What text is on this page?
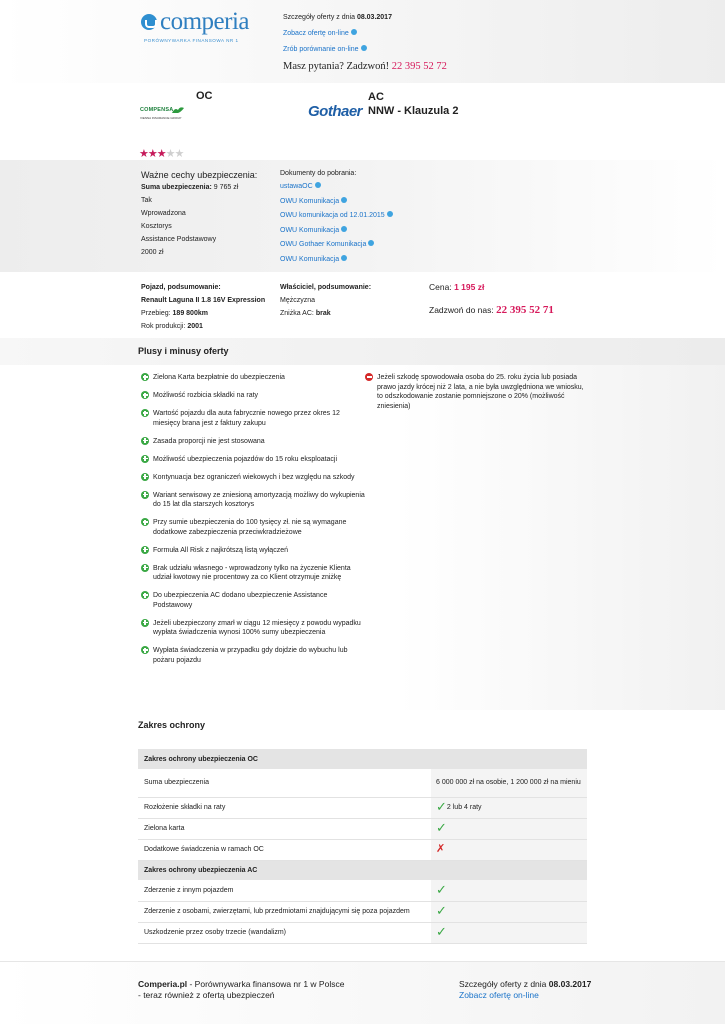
comperia
PORÓWNYWARKA FINANSOWA NR 1
Szczegóły oferty z dnia 08.03.2017
Zobacz ofertę on-line
Zrób porównanie on-line
Masz pytania? Zadzwoń! 22 395 52 72
OC
COMPENSA
VIENNA INSURANCE GROUP
AC
NNW - Klauzula 2
Gothaer
★★★★★
Ważne cechy ubezpieczenia:
Suma ubezpieczenia: 9 765 zł
Tak
Wprowadzona
Kosztorys
Assistance Podstawowy
2000 zł
Dokumenty do pobrania:
ustawaOC
OWU Komunikacja
OWU komunikacja od 12.01.2015
OWU Komunikacja
OWU Gothaer Komunikacja
OWU Komunikacja
Pojazd, podsumowanie:
Renault Laguna II 1.8 16V Expression
Przebieg: 189 800km
Rok produkcji: 2001
Właściciel, podsumowanie:
Mężczyzna
Zniżka AC: brak
Cena: 1 195 zł
Zadzwoń do nas: 22 395 52 71
Plusy i minusy oferty
Zielona Karta bezpłatnie do ubezpieczenia
Możliwość rozbicia składki na raty
Wartość pojazdu dla auta fabrycznie nowego przez okres 12 miesięcy brana jest z faktury zakupu
Zasada proporcji nie jest stosowana
Możliwość ubezpieczenia pojazdów do 15 roku eksploatacji
Kontynuacja bez ograniczeń wiekowych i bez względu na szkody
Wariant serwisowy ze zniesioną amortyzacją możliwy do wykupienia do 15 lat dla starszych kosztorys
Przy sumie ubezpieczenia do 100 tysięcy zł. nie są wymagane dodatkowe zabezpieczenia przeciwkradzieżowe
Formuła All Risk z najkrótszą listą wyłączeń
Brak udziału własnego - wprowadzony tylko na życzenie Klienta udział kwotowy nie procentowy za co Klient otrzymuje zniżkę
Do ubezpieczenia AC dodano ubezpieczenie Assistance Podstawowy
Jeżeli ubezpieczony zmarł w ciągu 12 miesięcy z powodu wypadku wypłata świadczenia wynosi 100% sumy ubezpieczenia
Wypłata świadczenia w przypadku gdy dojdzie do wybuchu lub pożaru pojazdu
Jeżeli szkodę spowodowała osoba do 25. roku życia lub posiada prawo jazdy krócej niż 2 lata, a nie była uwzględniona we wniosku, to odszkodowanie zostanie pomniejszone o 20% (możliwość zniesienia)
Zakres ochrony
Zakres ochrony ubezpieczenia OC	
Suma ubezpieczenia	6 000 000 zł na osobie, 1 200 000 zł na mieniu
Rozłożenie składki na raty	✓2 lub 4 raty
Zielona karta	✓
Dodatkowe świadczenia w ramach OC	✗
Zakres ochrony ubezpieczenia AC	
Zderzenie z innym pojazdem	✓
Zderzenie z osobami, zwierzętami, lub przedmiotami znajdującymi się poza pojazdem	✓
Uszkodzenie przez osoby trzecie (wandalizm)	✓
Comperia.pl - Porównywarka finansowa nr 1 w Polsce
- teraz również z ofertą ubezpieczeń
Szczegóły oferty z dnia 08.03.2017
Zobacz ofertę on-line
